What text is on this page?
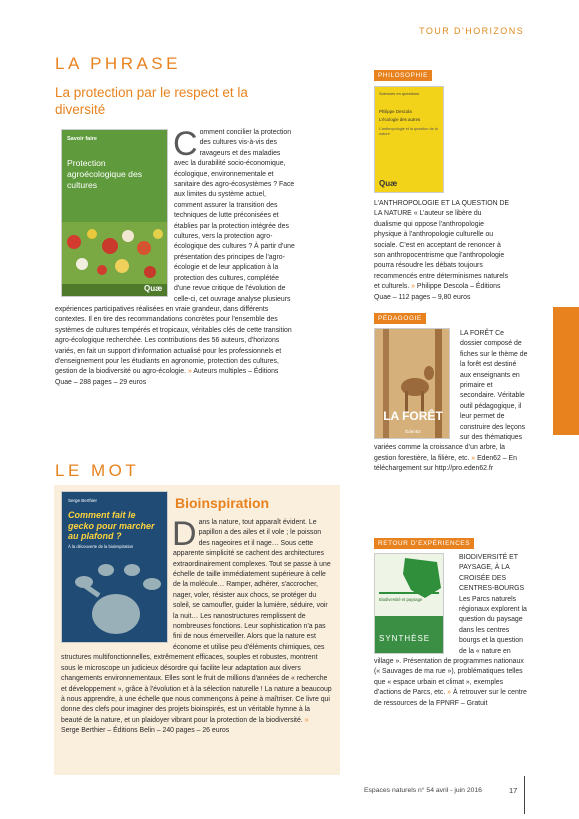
TOUR D’HORIZONS
LA PHRASE
La protection par le respect et la diversité
Savoir faire
Protection agroécologique des cultures
Quæ
Comment concilier la protection des cultures vis-à-vis des ravageurs et des maladies avec la durabilité socio-économique, écologique, environnementale et sanitaire des agro-écosystèmes ? Face aux limites du système actuel, comment assurer la transition des techniques de lutte préconisées et établies par la protection intégrée des cultures, vers la protection agro-écologique des cultures ? À partir d'une présentation des principes de l'agro-écologie et de leur application à la protection des cultures, complétée d'une revue critique de l'évolution de celle-ci, cet ouvrage analyse plusieurs expériences participatives réalisées en vraie grandeur, dans différents contextes. Il en tire des recommandations concrètes pour l'ensemble des systèmes de cultures tempérés et tropicaux, véritables clés de cette transition agro-écologique recherchée. Les contributions des 56 auteurs, d'horizons variés, en fait un support d'information actualisé pour les professionnels et d'enseignement pour les étudiants en agronomie, protection des cultures, gestion de la biodiversité ou agro-écologie. » Auteurs multiples – Éditions Quae – 288 pages – 29 euros
PHILOSOPHIE
Sciences en questions
Philippe Descola
L’écologie des autres
L’anthropologie et la question de la nature
Quæ
L’ANTHROPOLOGIE ET LA QUESTION DE LA NATURE « L’auteur se libère du dualisme qui oppose l’anthropologie physique à l’anthropologie culturelle ou sociale. C’est en acceptant de renoncer à son anthropocentrisme que l’anthropologie pourra résoudre les débats toujours recommencés entre déterminismes naturels et culturels. » Philippe Descola – Éditions Quae – 112 pages – 9,80 euros
PÉDAGOGIE
LA FORÊT
Éden62
LA FORÊT Ce dossier composé de fiches sur le thème de la forêt est destiné aux enseignants en primaire et secondaire. Véritable outil pédagogique, il leur permet de construire des leçons sur des thématiques variées comme la croissance d’un arbre, la gestion forestière, la filière, etc. » Eden62 – En téléchargement sur http://pro.eden62.fr
RETOUR D’EXPÉRIENCES
Biodiversité et paysage
SYNTHÈSE
BIODIVERSITÉ ET PAYSAGE, À LA CROISÉE DES CENTRES-BOURGS Les Parcs naturels régionaux explorent la question du paysage dans les centres bourgs et la question de la « nature en village ». Présentation de programmes nationaux (« Sauvages de ma rue »), problématiques telles que « espace urbain et climat », exemples d’actions de Parcs, etc. » À retrouver sur le centre de ressources de la FPNRF – Gratuit
LE MOT
Serge Berthier
Comment fait le gecko pour marcher au plafond ?
À la découverte de la bioinspiration
Bioinspiration
Dans la nature, tout apparaît évident. Le papillon a des ailes et il vole ; le poisson des nageoires et il nage… Sous cette apparente simplicité se cachent des architectures extraordinairement complexes. Tout se passe à une échelle de taille immédiatement supérieure à celle de la molécule… Ramper, adhérer, s'accrocher, nager, voler, résister aux chocs, se protéger du soleil, se camoufler, guider la lumière, séduire, voir la nuit… Les nanostructures remplissent de nombreuses fonctions. Leur sophistication n'a pas fini de nous émerveiller. Alors que la nature est économe et utilise peu d'éléments chimiques, ces structures multifonctionnelles, extrêmement efficaces, souples et robustes, montrent sous le microscope un judicieux désordre qui facilite leur adaptation aux divers changements environnementaux. Elles sont le fruit de millions d'années de « recherche et développement », grâce à l'évolution et à la sélection naturelle ! La nature a beaucoup à nous apprendre, à une échelle que nous commençons à peine à maîtriser. Ce livre qui donne des clefs pour imaginer des projets bioinspirés, est un véritable hymne à la beauté de la nature, et un plaidoyer vibrant pour la protection de la biodiversité. »
Serge Berthier – Éditions Belin – 240 pages – 26 euros
Espaces naturels n° 54 avril - juin 2016	17
